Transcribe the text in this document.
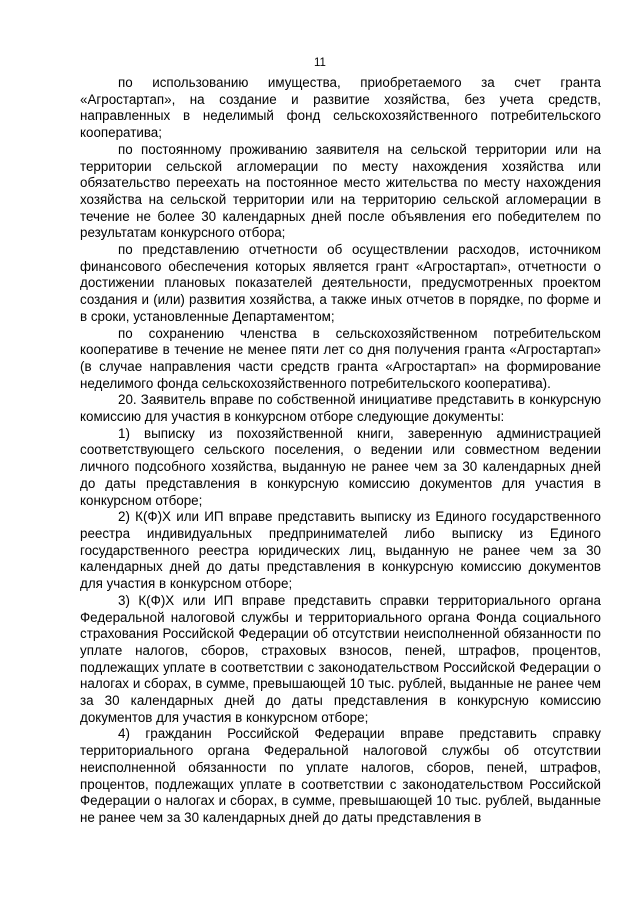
11

по использованию имущества, приобретаемого за счет гранта «Агростартап», на создание и развитие хозяйства, без учета средств, направленных в неделимый фонд сельскохозяйственного потребительского кооператива;

по постоянному проживанию заявителя на сельской территории или на территории сельской агломерации по месту нахождения хозяйства или обязательство переехать на постоянное место жительства по месту нахождения хозяйства на сельской территории или на территорию сельской агломерации в течение не более 30 календарных дней после объявления его победителем по результатам конкурсного отбора;

по представлению отчетности об осуществлении расходов, источником финансового обеспечения которых является грант «Агростартап», отчетности о достижении плановых показателей деятельности, предусмотренных проектом создания и (или) развития хозяйства, а также иных отчетов в порядке, по форме и в сроки, установленные Департаментом;

по сохранению членства в сельскохозяйственном потребительском кооперативе в течение не менее пяти лет со дня получения гранта «Агростартап» (в случае направления части средств гранта «Агростартап» на формирование неделимого фонда сельскохозяйственного потребительского кооператива).

20. Заявитель вправе по собственной инициативе представить в конкурсную комиссию для участия в конкурсном отборе следующие документы:

1) выписку из похозяйственной книги, заверенную администрацией соответствующего сельского поселения, о ведении или совместном ведении личного подсобного хозяйства, выданную не ранее чем за 30 календарных дней до даты представления в конкурсную комиссию документов для участия в конкурсном отборе;

2) К(Ф)Х или ИП вправе представить выписку из Единого государственного реестра индивидуальных предпринимателей либо выписку из Единого государственного реестра юридических лиц, выданную не ранее чем за 30 календарных дней до даты представления в конкурсную комиссию документов для участия в конкурсном отборе;

3) К(Ф)Х или ИП вправе представить справки территориального органа Федеральной налоговой службы и территориального органа Фонда социального страхования Российской Федерации об отсутствии неисполненной обязанности по уплате налогов, сборов, страховых взносов, пеней, штрафов, процентов, подлежащих уплате в соответствии с законодательством Российской Федерации о налогах и сборах, в сумме, превышающей 10 тыс. рублей, выданные не ранее чем за 30 календарных дней до даты представления в конкурсную комиссию документов для участия в конкурсном отборе;

4) гражданин Российской Федерации вправе представить справку территориального органа Федеральной налоговой службы об отсутствии неисполненной обязанности по уплате налогов, сборов, пеней, штрафов, процентов, подлежащих уплате в соответствии с законодательством Российской Федерации о налогах и сборах, в сумме, превышающей 10 тыс. рублей, выданные не ранее чем за 30 календарных дней до даты представления в
